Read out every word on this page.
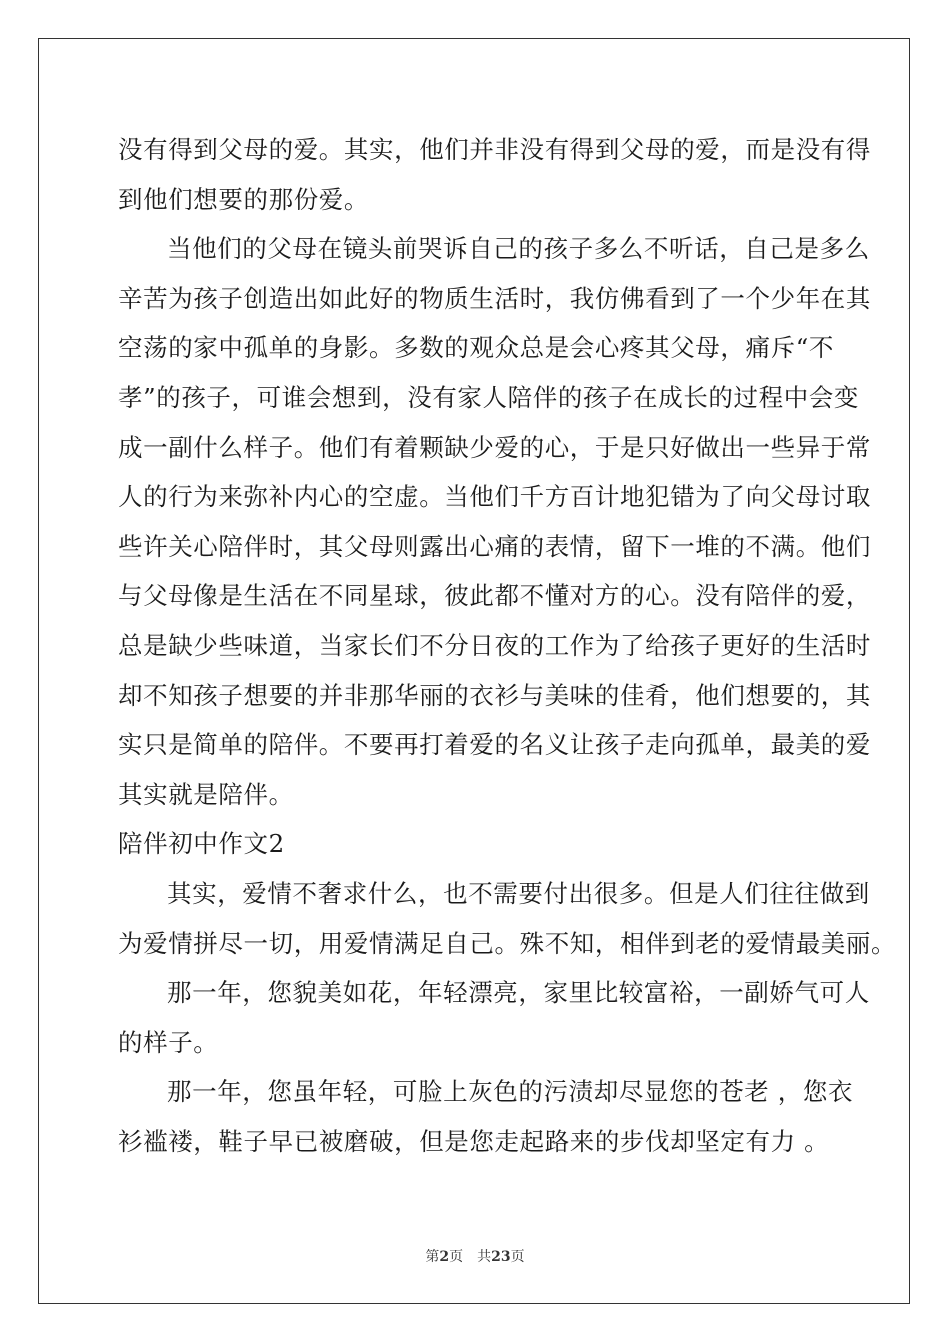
没有得到父母的爱。其实，他们并非没有得到父母的爱，而是没有得
到他们想要的那份爱。
当他们的父母在镜头前哭诉自己的孩子多么不听话，自己是多么
辛苦为孩子创造出如此好的物质生活时，我仿佛看到了一个少年在其
空荡的家中孤单的身影。多数的观众总是会心疼其父母，痛斥“不
孝”的孩子，可谁会想到，没有家人陪伴的孩子在成长的过程中会变
成一副什么样子。他们有着颗缺少爱的心，于是只好做出一些异于常
人的行为来弥补内心的空虚。当他们千方百计地犯错为了向父母讨取
些许关心陪伴时，其父母则露出心痛的表情，留下一堆的不满。他们
与父母像是生活在不同星球，彼此都不懂对方的心。没有陪伴的爱，
总是缺少些味道，当家长们不分日夜的工作为了给孩子更好的生活时
却不知孩子想要的并非那华丽的衣衫与美味的佳肴，他们想要的，其
实只是简单的陪伴。不要再打着爱的名义让孩子走向孤单，最美的爱
其实就是陪伴。
陪伴初中作文2
其实，爱情不奢求什么，也不需要付出很多。但是人们往往做到
为爱情拼尽一切，用爱情满足自己。殊不知，相伴到老的爱情最美丽。
那一年，您貌美如花，年轻漂亮，家里比较富裕，一副娇气可人
的样子。
那一年，您虽年轻，可脸上灰色的污渍却尽显您的苍老 ，您衣
衫褴褛，鞋子早已被磨破，但是您走起路来的步伐却坚定有力 。
第2页 共23页
